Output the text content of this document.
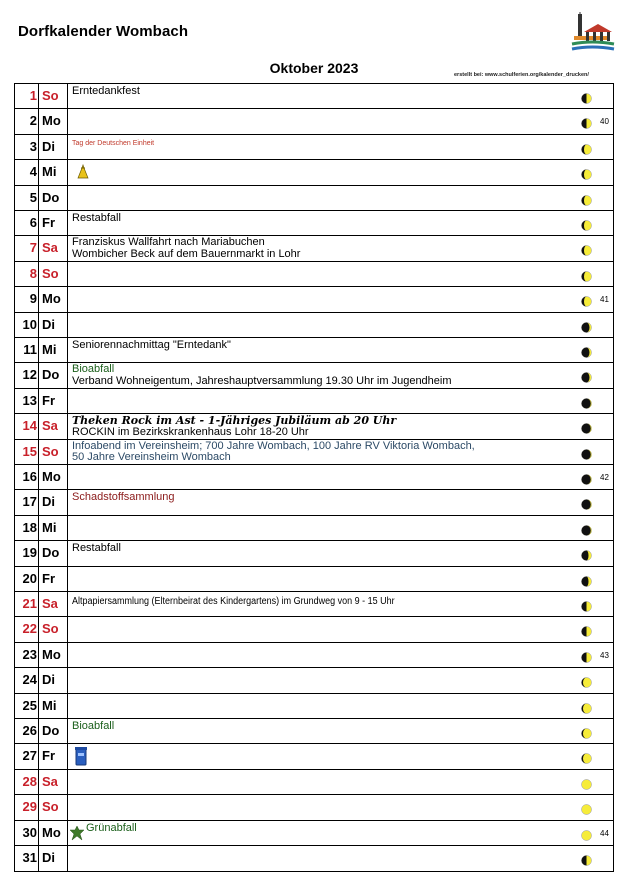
Dorfkalender Wombach
Oktober 2023	erstellt bei: www.schulferien.org/kalender_drucken/
1 So Erntedankfest
2 Mo	40
3 Di Tag der Deutschen Einheit
4 Mi
5 Do
6 Fr Restabfall
7 Sa Franziskus Wallfahrt nach Mariabuchen
Wombicher Beck auf dem Bauernmarkt in Lohr
8 So
9 Mo	41
10 Di
11 Mi Seniorennachmittag "Erntedank"
12 Do Bioabfall
Verband Wohneigentum, Jahreshauptversammlung 19.30 Uhr im Jugendheim
13 Fr
14 Sa Theken Rock im Ast - 1-Jähriges Jubiläum ab 20 Uhr
ROCKIN im Bezirkskrankenhaus Lohr 18-20 Uhr
15 So Infoabend im Vereinsheim; 700 Jahre Wombach, 100 Jahre RV Viktoria Wombach,
50 Jahre Vereinsheim Wombach
16 Mo	42
17 Di Schadstoffsammlung
18 Mi
19 Do Restabfall
20 Fr
21 Sa Altpapiersammlung (Elternbeirat des Kindergartens) im Grundweg von 9 - 15 Uhr
22 So
23 Mo	43
24 Di
25 Mi
26 Do Bioabfall
27 Fr
28 Sa
29 So
30 Mo Grünabfall	44
31 Di
